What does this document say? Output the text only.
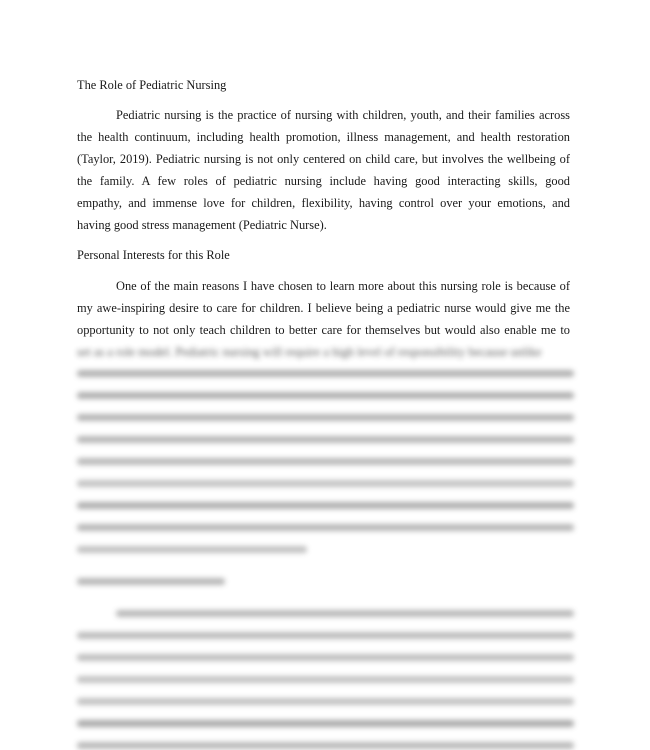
The Role of Pediatric Nursing
Pediatric nursing is the practice of nursing with children, youth, and their families across
the health continuum, including health promotion, illness management, and health restoration
(Taylor, 2019). Pediatric nursing is not only centered on child care, but involves the wellbeing of
the family. A few roles of pediatric nursing include having good interacting skills, good
empathy, and immense love for children, flexibility, having control over your emotions, and
having good stress management (Pediatric Nurse).
Personal Interests for this Role
One of the main reasons I have chosen to learn more about this nursing role is because of
my awe-inspiring desire to care for children. I believe being a pediatric nurse would give me the
opportunity to not only teach children to better care for themselves but would also enable me to
set as a role model. Pediatric nursing will require a high level of responsibility because unlike
